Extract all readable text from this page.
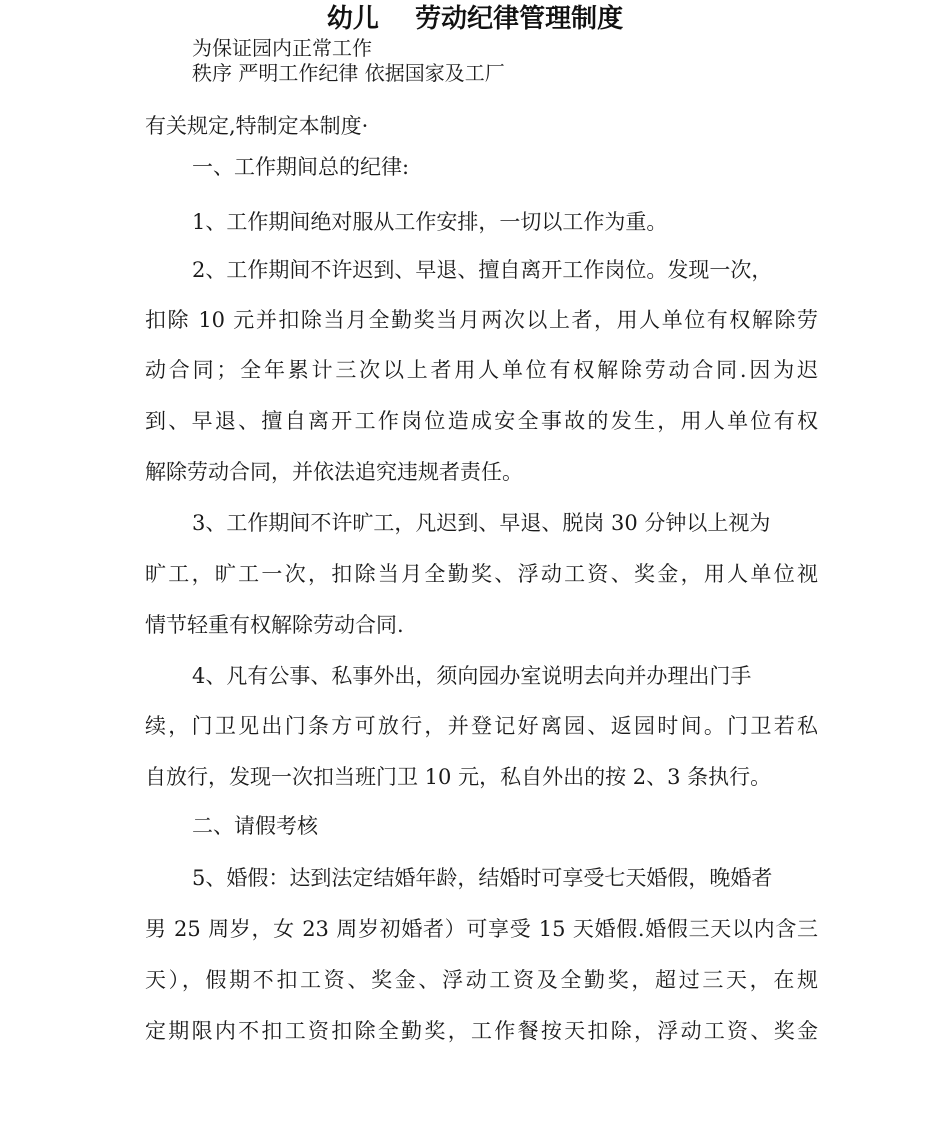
幼儿    劳动纪律管理制度
为保证园内正常工作
秩序 严明工作纪律 依据国家及工厂
有关规定,特制定本制度·
一、工作期间总的纪律:
1、工作期间绝对服从工作安排，一切以工作为重。
2、工作期间不许迟到、早退、擅自离开工作岗位。发现一次，
扣除 10 元并扣除当月全勤奖当月两次以上者，用人单位有权解除劳
动合同；全年累计三次以上者用人单位有权解除劳动合同.因为迟
到、早退、擅自离开工作岗位造成安全事故的发生，用人单位有权
解除劳动合同，并依法追究违规者责任。
3、工作期间不许旷工，凡迟到、早退、脱岗 30 分钟以上视为
旷工，旷工一次，扣除当月全勤奖、浮动工资、奖金，用人单位视
情节轻重有权解除劳动合同.
4、凡有公事、私事外出，须向园办室说明去向并办理出门手
续，门卫见出门条方可放行，并登记好离园、返园时间。门卫若私
自放行，发现一次扣当班门卫 10 元，私自外出的按 2、3 条执行。
二、请假考核
5、婚假：达到法定结婚年龄，结婚时可享受七天婚假，晚婚者
男 25 周岁，女 23 周岁初婚者）可享受 15 天婚假.婚假三天以内含三
天），假期不扣工资、奖金、浮动工资及全勤奖，超过三天，在规
定期限内不扣工资扣除全勤奖，工作餐按天扣除，浮动工资、奖金
